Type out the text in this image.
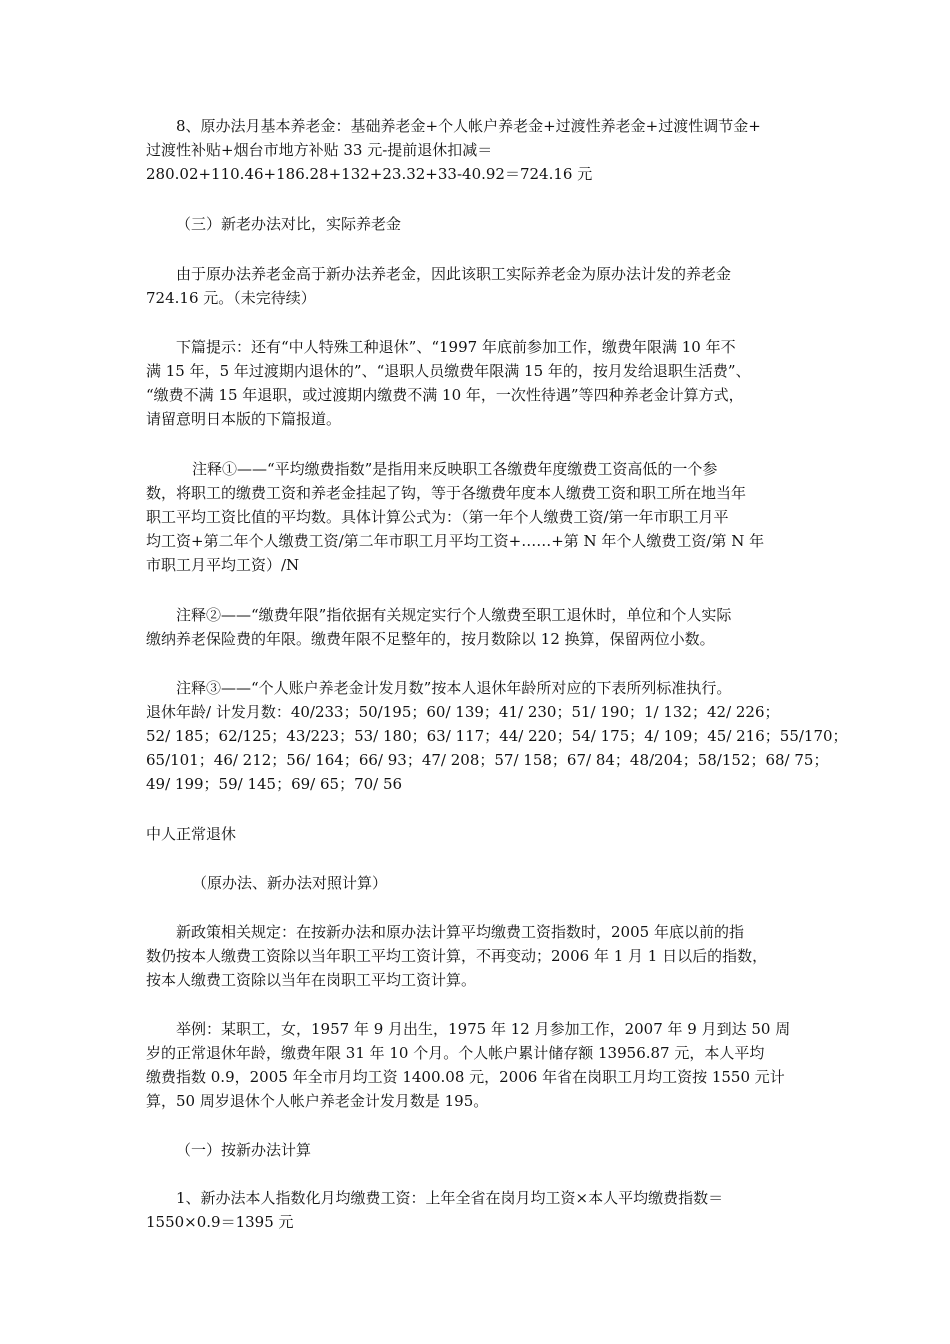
8、原办法月基本养老金：基础养老金+个人帐户养老金+过渡性养老金+过渡性调节金+
过渡性补贴+烟台市地方补贴 33 元-提前退休扣减＝
280.02+110.46+186.28+132+23.32+33-40.92＝724.16 元
（三）新老办法对比，实际养老金
由于原办法养老金高于新办法养老金，因此该职工实际养老金为原办法计发的养老金
724.16 元。（未完待续）
下篇提示：还有“中人特殊工种退休”、“1997 年底前参加工作，缴费年限满 10 年不
满 15 年，5 年过渡期内退休的”、“退职人员缴费年限满 15 年的，按月发给退职生活费”、
“缴费不满 15 年退职，或过渡期内缴费不满 10 年，一次性待遇”等四种养老金计算方式，
请留意明日本版的下篇报道。
注释①——“平均缴费指数”是指用来反映职工各缴费年度缴费工资高低的一个参
数，将职工的缴费工资和养老金挂起了钩，等于各缴费年度本人缴费工资和职工所在地当年
职工平均工资比值的平均数。具体计算公式为：（第一年个人缴费工资/第一年市职工月平
均工资+第二年个人缴费工资/第二年市职工月平均工资+……+第 N 年个人缴费工资/第 N 年
市职工月平均工资）/N
注释②——“缴费年限”指依据有关规定实行个人缴费至职工退休时，单位和个人实际
缴纳养老保险费的年限。缴费年限不足整年的，按月数除以 12 换算，保留两位小数。
注释③——“个人账户养老金计发月数”按本人退休年龄所对应的下表所列标准执行。
退休年龄/ 计发月数：40/233；50/195；60/ 139；41/ 230；51/ 190；1/ 132；42/ 226；
52/ 185；62/125；43/223；53/ 180；63/ 117；44/ 220；54/ 175；4/ 109；45/ 216；55/170；
65/101；46/ 212；56/ 164；66/ 93；47/ 208；57/ 158；67/ 84；48/204；58/152；68/ 75；
49/ 199；59/ 145；69/ 65；70/ 56
中人正常退休
（原办法、新办法对照计算）
新政策相关规定：在按新办法和原办法计算平均缴费工资指数时，2005 年底以前的指
数仍按本人缴费工资除以当年职工平均工资计算，不再变动；2006 年 1 月 1 日以后的指数，
按本人缴费工资除以当年在岗职工平均工资计算。
举例：某职工，女，1957 年 9 月出生，1975 年 12 月参加工作，2007 年 9 月到达 50 周
岁的正常退休年龄，缴费年限 31 年 10 个月。个人帐户累计储存额 13956.87 元，本人平均
缴费指数 0.9，2005 年全市月均工资 1400.08 元，2006 年省在岗职工月均工资按 1550 元计
算，50 周岁退休个人帐户养老金计发月数是 195。
（一）按新办法计算
1、新办法本人指数化月均缴费工资：上年全省在岗月均工资×本人平均缴费指数＝
1550×0.9＝1395 元
